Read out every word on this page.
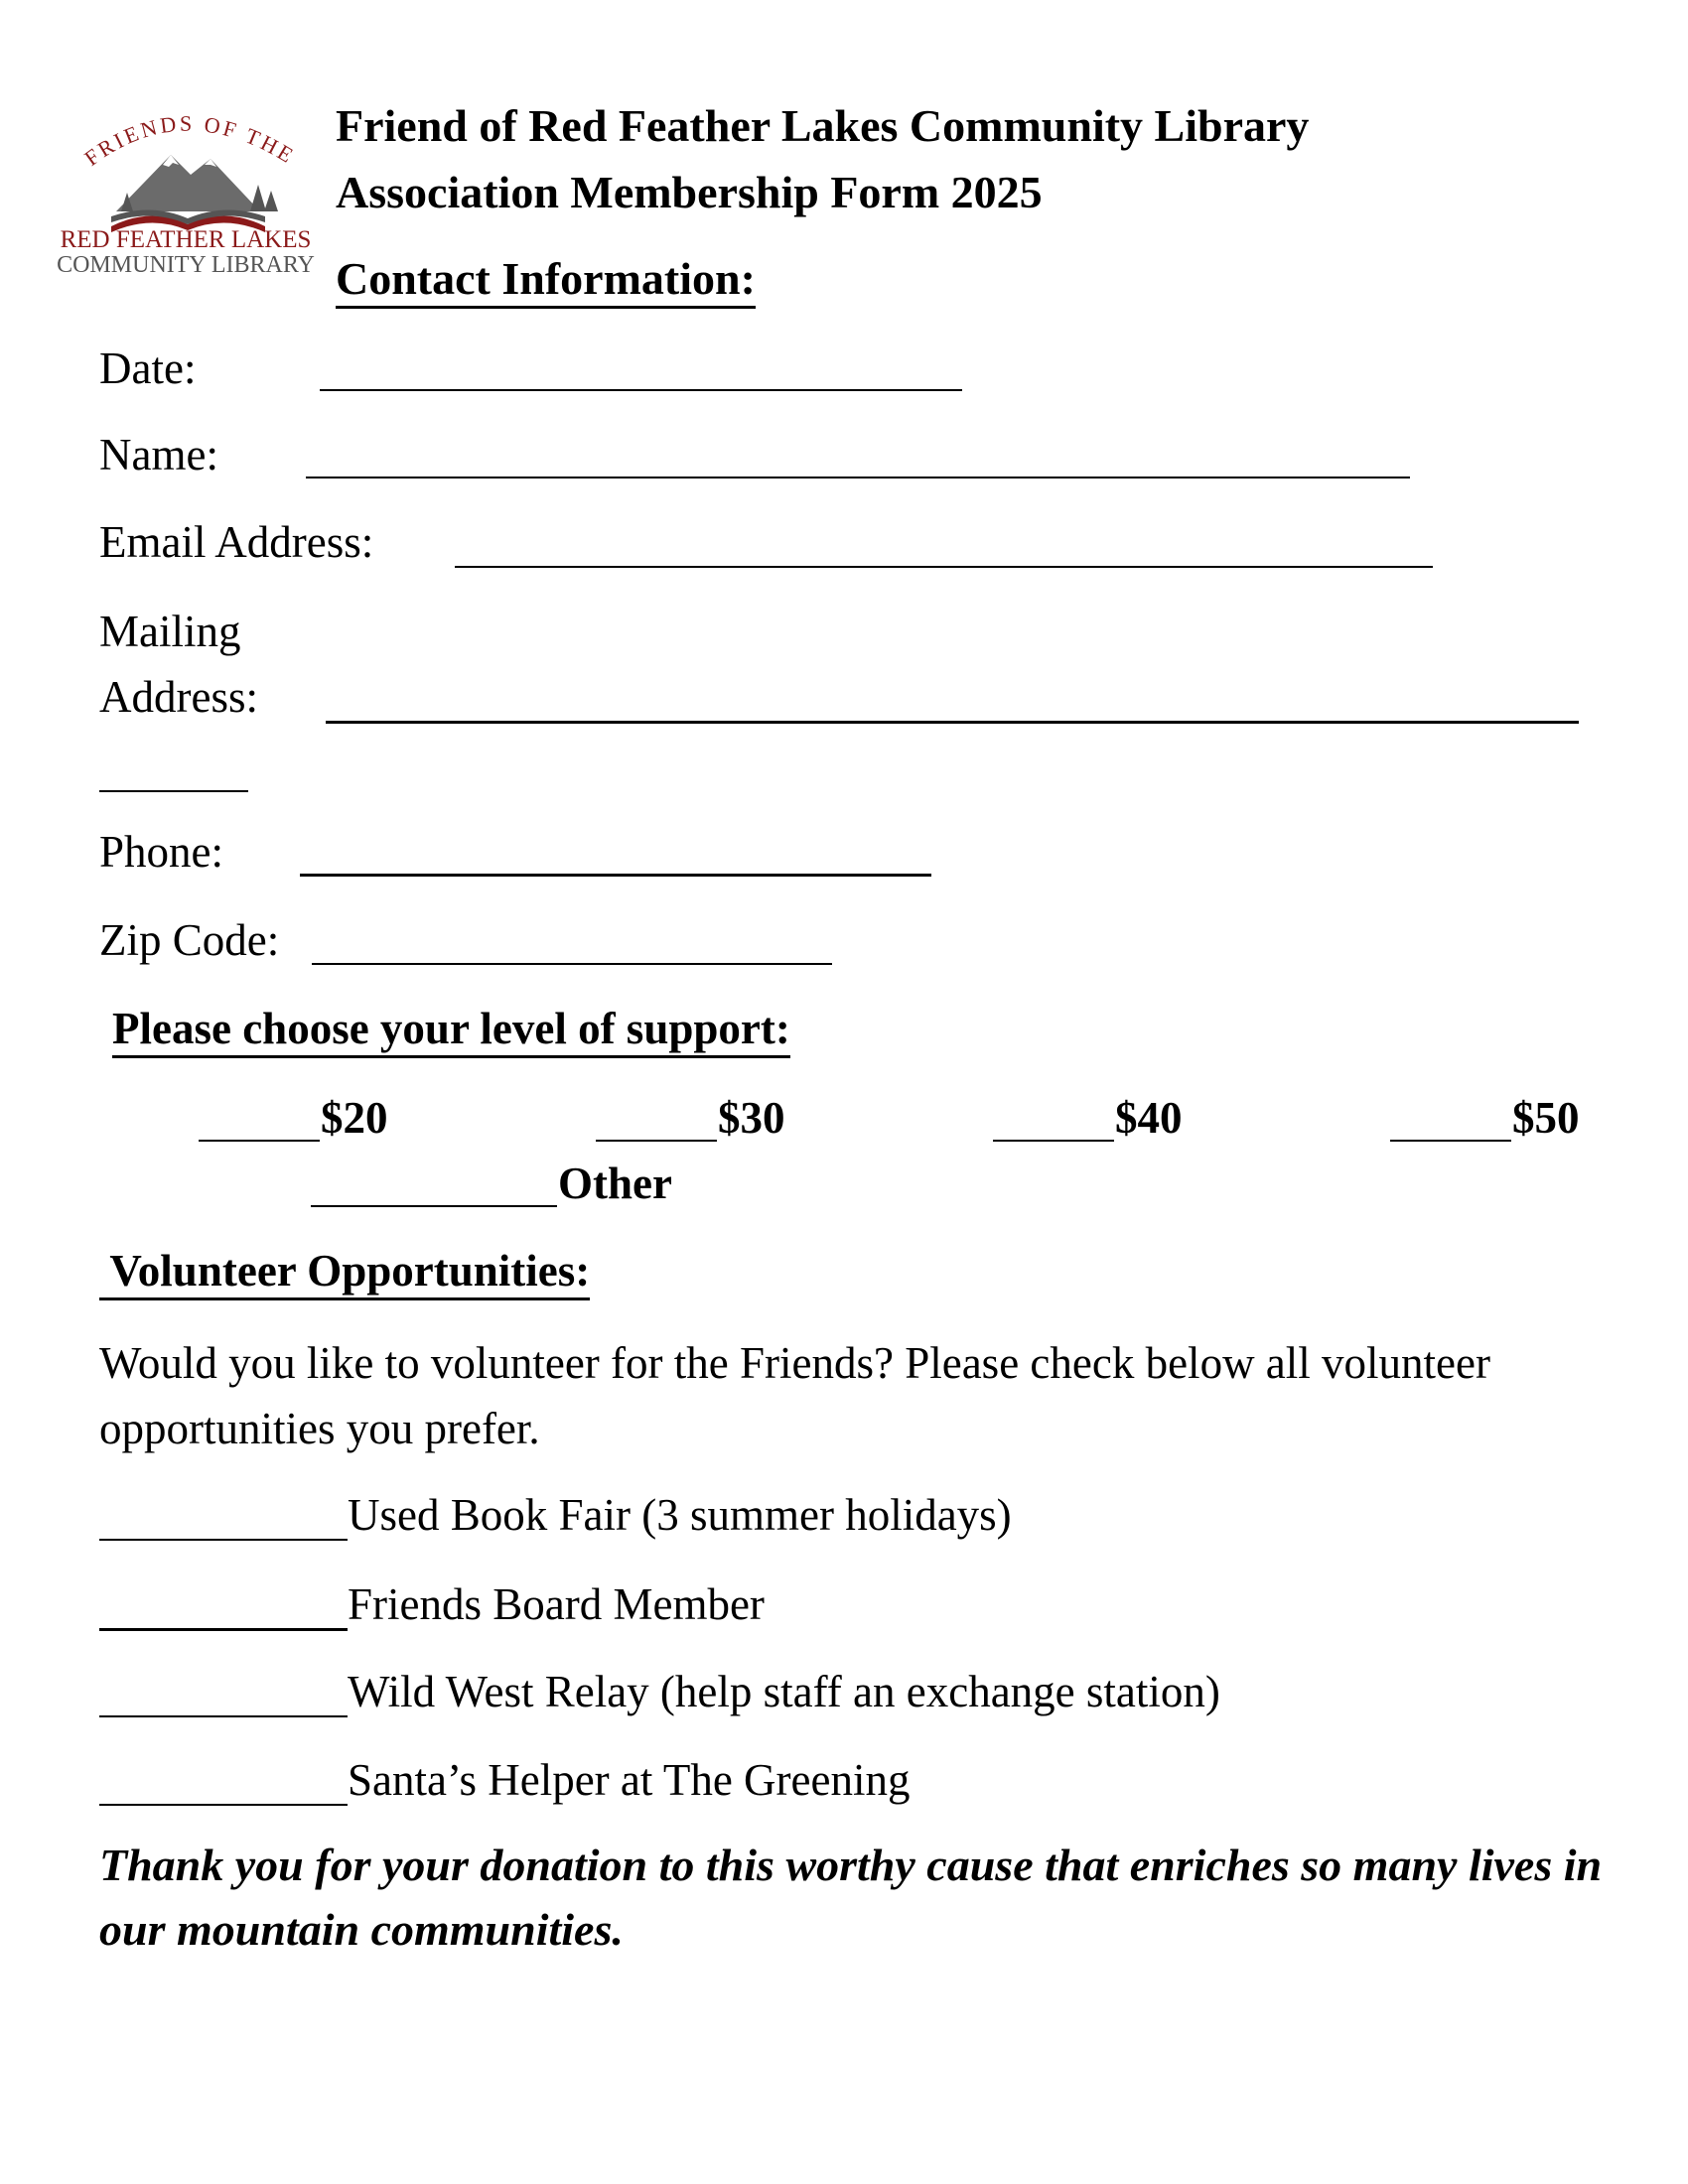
FRIENDS OF THE
RED FEATHER LAKES
COMMUNITY LIBRARY
Friend of Red Feather Lakes Community Library
Association Membership Form 2025
Contact Information:
Date:
Name:
Email Address:
Mailing
Address:
Phone:
Zip Code:
Please choose your level of support:
$20	$30	$40	$50
Other
Volunteer Opportunities:
Would you like to volunteer for the Friends? Please check below all volunteer opportunities you prefer.
Used Book Fair (3 summer holidays)
Friends Board Member
Wild West Relay (help staff an exchange station)
Santa’s Helper at The Greening
Thank you for your donation to this worthy cause that enriches so many lives in our mountain communities.
